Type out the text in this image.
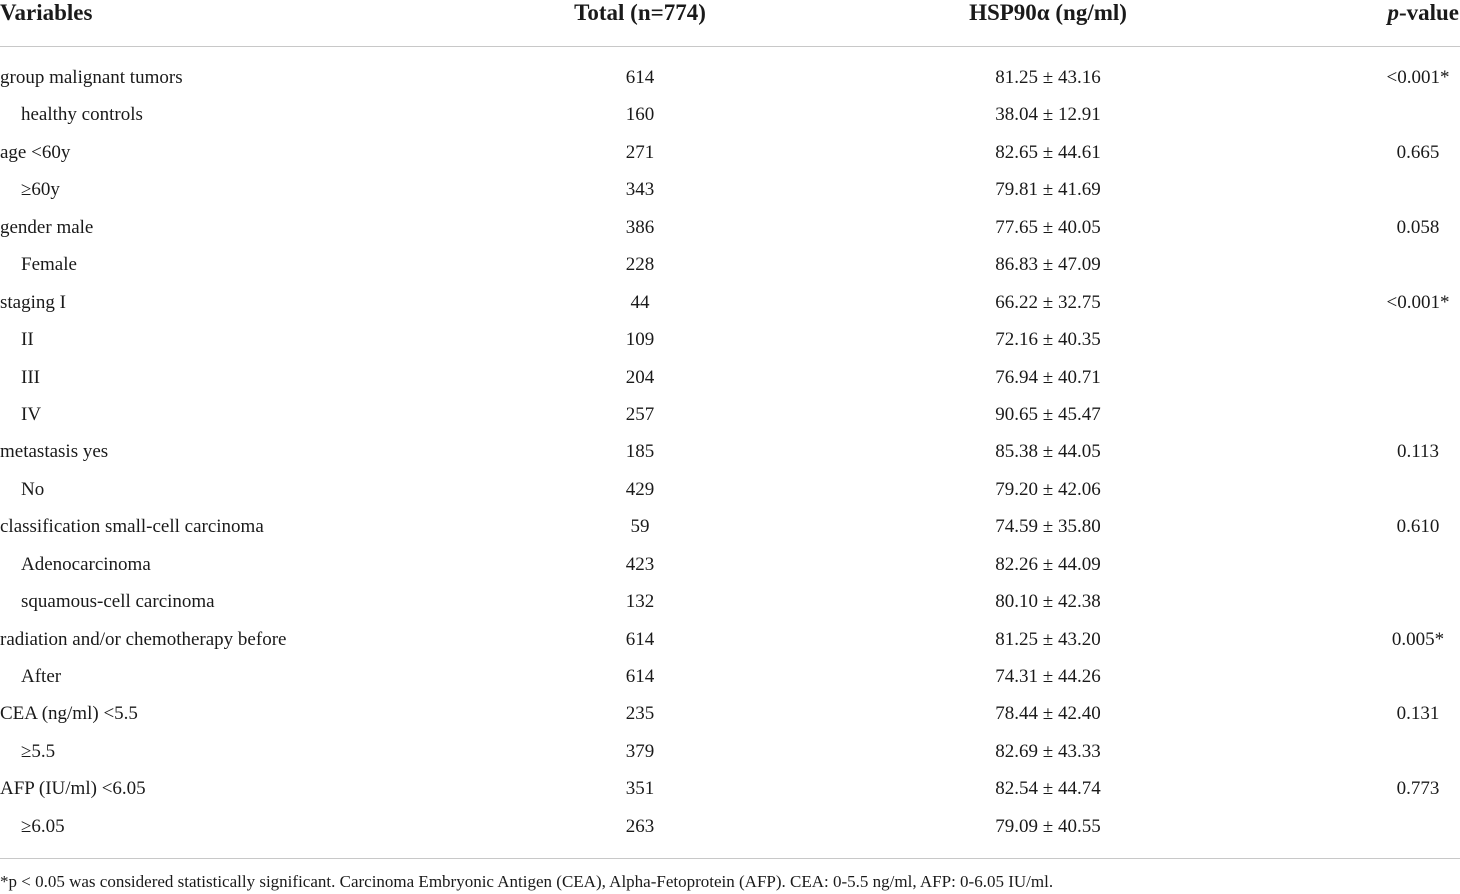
Variables	Total (n=774)	HSP90α (ng/ml)	p-value
group malignant tumors	614	81.25 ± 43.16	<0.001*
healthy controls	160	38.04 ± 12.91
age <60y	271	82.65 ± 44.61	0.665
≥60y	343	79.81 ± 41.69
gender male	386	77.65 ± 40.05	0.058
Female	228	86.83 ± 47.09
staging I	44	66.22 ± 32.75	<0.001*
II	109	72.16 ± 40.35
III	204	76.94 ± 40.71
IV	257	90.65 ± 45.47
metastasis yes	185	85.38 ± 44.05	0.113
No	429	79.20 ± 42.06
classification small-cell carcinoma	59	74.59 ± 35.80	0.610
Adenocarcinoma	423	82.26 ± 44.09
squamous-cell carcinoma	132	80.10 ± 42.38
radiation and/or chemotherapy before	614	81.25 ± 43.20	0.005*
After	614	74.31 ± 44.26
CEA (ng/ml) <5.5	235	78.44 ± 42.40	0.131
≥5.5	379	82.69 ± 43.33
AFP (IU/ml) <6.05	351	82.54 ± 44.74	0.773
≥6.05	263	79.09 ± 40.55
*p < 0.05 was considered statistically significant. Carcinoma Embryonic Antigen (CEA), Alpha-Fetoprotein (AFP). CEA: 0-5.5 ng/ml, AFP: 0-6.05 IU/ml.
